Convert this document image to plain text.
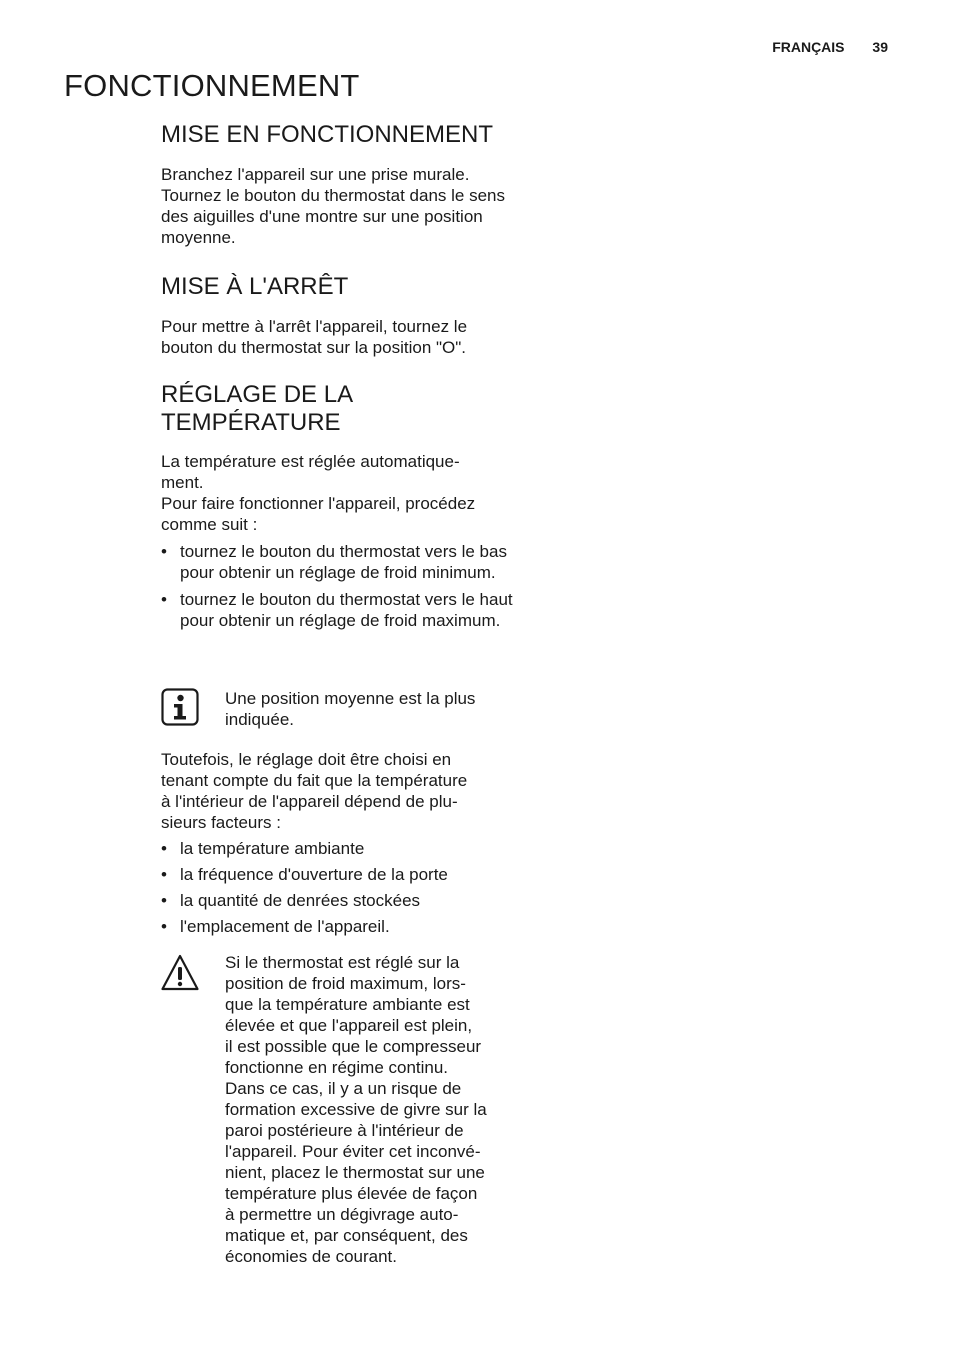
FRANÇAIS 39
FONCTIONNEMENT
MISE EN FONCTIONNEMENT

Branchez l'appareil sur une prise murale. Tournez le bouton du thermostat dans le sens des aiguilles d'une montre sur une position moyenne.

MISE À L'ARRÊT

Pour mettre à l'arrêt l'appareil, tournez le bouton du thermostat sur la position "O".

RÉGLAGE DE LA
TEMPÉRATURE

La température est réglée automatique-
ment.

Pour faire fonctionner l'appareil, procédez comme suit :

• tournez le bouton du thermostat vers le bas pour obtenir un réglage de froid minimum.
• tournez le bouton du thermostat vers le haut pour obtenir un réglage de froid maximum.

Une position moyenne est la plus indiquée.

Toutefois, le réglage doit être choisi en
tenant compte du fait que la température
à l'intérieur de l'appareil dépend de plu-
sieurs facteurs :

• la température ambiante
• la fréquence d'ouverture de la porte
• la quantité de denrées stockées
• l'emplacement de l'appareil.

Si le thermostat est réglé sur la
position de froid maximum, lors-
que la température ambiante est
élevée et que l'appareil est plein,
il est possible que le compresseur
fonctionne en régime continu.
Dans ce cas, il y a un risque de
formation excessive de givre sur la
paroi postérieure à l'intérieur de
l'appareil. Pour éviter cet inconvé-
nient, placez le thermostat sur une
température plus élevée de façon
à permettre un dégivrage auto-
matique et, par conséquent, des
économies de courant.
